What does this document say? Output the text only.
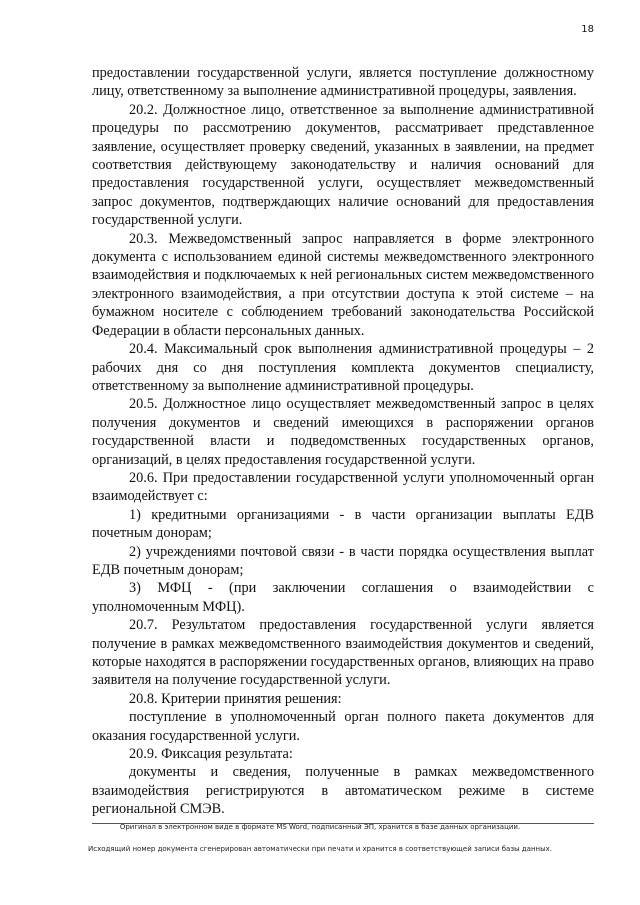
18

предоставлении государственной услуги, является поступление должностному лицу, ответственному за выполнение административной процедуры, заявления.

20.2. Должностное лицо, ответственное за выполнение административной процедуры по рассмотрению документов, рассматривает представленное заявление, осуществляет проверку сведений, указанных в заявлении, на предмет соответствия действующему законодательству и наличия оснований для предоставления государственной услуги, осуществляет межведомственный запрос документов, подтверждающих наличие оснований для предоставления государственной услуги.

20.3. Межведомственный запрос направляется в форме электронного документа с использованием единой системы межведомственного электронного взаимодействия и подключаемых к ней региональных систем межведомственного электронного взаимодействия, а при отсутствии доступа к этой системе – на бумажном носителе с соблюдением требований законодательства Российской Федерации в области персональных данных.

20.4. Максимальный срок выполнения административной процедуры – 2 рабочих дня со дня поступления комплекта документов специалисту, ответственному за выполнение административной процедуры.

20.5. Должностное лицо осуществляет межведомственный запрос в целях получения документов и сведений имеющихся в распоряжении органов государственной власти и подведомственных государственных органов, организаций, в целях предоставления государственной услуги.

20.6. При предоставлении государственной услуги уполномоченный орган взаимодействует с:

1) кредитными организациями - в части организации выплаты ЕДВ почетным донорам;

2) учреждениями почтовой связи - в части порядка осуществления выплат ЕДВ почетным донорам;

3) МФЦ - (при заключении соглашения о взаимодействии с уполномоченным МФЦ).

20.7. Результатом предоставления государственной услуги является получение в рамках межведомственного взаимодействия документов и сведений, которые находятся в распоряжении государственных органов, влияющих на право заявителя на получение государственной услуги.

20.8. Критерии принятия решения:

поступление в уполномоченный орган полного пакета документов для оказания государственной услуги.

20.9. Фиксация результата:

документы и сведения, полученные в рамках межведомственного взаимодействия регистрируются в автоматическом режиме в системе региональной СМЭВ.

Оригинал в электронном виде в формате MS Word, подписанный ЭП, хранится в базе данных организации.
Исходящий номер документа сгенерирован автоматически при печати и хранится в соответствующей записи базы данных.
